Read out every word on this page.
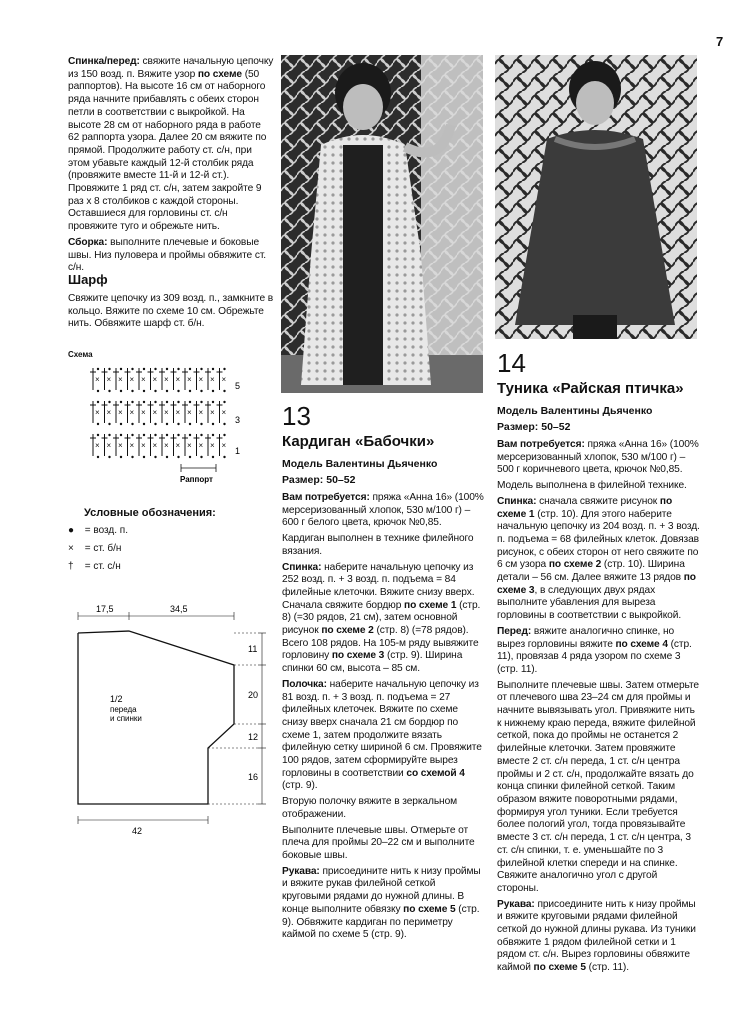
7

Спинка/перед: свяжите начальную цепочку из 150 возд. п. Вяжите узор по схеме (50 раппортов). На высоте 16 см от наборного ряда начните прибавлять с обеих сторон петли в соответствии с выкройкой. На высоте 28 см от наборного ряда в работе 62 раппорта узора. Далее 20 см вяжите по прямой. Продолжите работу ст. с/н, при этом убавьте каждый 12-й столбик ряда (провяжите вместе 11-й и 12-й ст.). Провяжите 1 ряд ст. с/н, затем закройте 9 раз x 8 столбиков с каждой стороны. Оставшиеся для горловины ст. с/н провяжите туго и обрежьте нить.

Сборка: выполните плечевые и боковые швы. Низ пуловера и проймы обвяжите ст. с/н.

Шарф
Свяжите цепочку из 309 возд. п., замкните в кольцо. Вяжите по схеме 10 см. Обрежьте нить. Обвяжите шарф ст. б/н.
Схема
× × × × × × × × × × × ×
× × × × × × × × × × × ×
× × × × × × × × × × × ×
5
3
1
Раппорт
Условные обозначения:
● = возд. п.
× = ст. б/н
† = ст. с/н
17,5	34,5
11
20
12
16
42
1/2
переда
и спинки
13
Кардиган «Бабочки»
Модель Валентины Дьяченко
Размер: 50–52

Вам потребуется: пряжа «Анна 16» (100% мерсеризованный хлопок, 530 м/100 г) – 600 г белого цвета, крючок №0,85.

Кардиган выполнен в технике филейного вязания.

Спинка: наберите начальную цепочку из 252 возд. п. + 3 возд. п. подъема = 84 филейные клеточки. Вяжите снизу вверх. Сначала свяжите бордюр по схеме 1 (стр. 8) (=30 рядов, 21 см), затем основной рисунок по схеме 2 (стр. 8) (=78 рядов). Всего 108 рядов. На 105-м ряду вывяжите горловину по схеме 3 (стр. 9). Ширина спинки 60 см, высота – 85 см.

Полочка: наберите начальную цепочку из 81 возд. п. + 3 возд. п. подъема = 27 филейных клеточек. Вяжите по схеме снизу вверх сначала 21 см бордюр по схеме 1, затем продолжите вязать филейную сетку шириной 6 см. Провяжите 100 рядов, затем сформируйте вырез горловины в соответствии со схемой 4 (стр. 9).

Вторую полочку вяжите в зеркальном отображении.

Выполните плечевые швы. Отмерьте от плеча для проймы 20–22 см и выполните боковые швы.

Рукава: присоедините нить к низу проймы и вяжите рукав филейной сеткой круговыми рядами до нужной длины. В конце выполните обвязку по схеме 5 (стр. 9). Обвяжите кардиган по периметру каймой по схеме 5 (стр. 9).

14
Туника «Райская птичка»
Модель Валентины Дьяченко
Размер: 50–52

Вам потребуется: пряжа «Анна 16» (100% мерсеризованный хлопок, 530 м/100 г) – 500 г коричневого цвета, крючок №0,85.

Модель выполнена в филейной технике.

Спинка: сначала свяжите рисунок по схеме 1 (стр. 10). Для этого наберите начальную цепочку из 204 возд. п. + 3 возд. п. подъема = 68 филейных клеток. Довязав рисунок, с обеих сторон от него свяжите по 6 см узора по схеме 2 (стр. 10). Ширина детали – 56 см. Далее вяжите 13 рядов по схеме 3, в следующих двух рядах выполните убавления для выреза горловины в соответствии с выкройкой.

Перед: вяжите аналогично спинке, но вырез горловины вяжите по схеме 4 (стр. 11), провязав 4 ряда узором по схеме 3 (стр. 11).

Выполните плечевые швы. Затем отмерьте от плечевого шва 23–24 см для проймы и начните вывязывать угол. Привяжите нить к нижнему краю переда, вяжите филейной сеткой, пока до проймы не останется 2 филейные клеточки. Затем провяжите вместе 2 ст. с/н переда, 1 ст. с/н центра проймы и 2 ст. с/н, продолжайте вязать до конца спинки филейной сеткой. Таким образом вяжите поворотными рядами, формируя угол туники. Если требуется более пологий угол, тогда провязывайте вместе 3 ст. с/н переда, 1 ст. с/н центра, 3 ст. с/н спинки, т. е. уменьшайте по 3 филейной клетки спереди и на спинке. Свяжите аналогично угол с другой стороны.

Рукава: присоедините нить к низу проймы и вяжите круговыми рядами филейной сеткой до нужной длины рукава. Из туники обвяжите 1 рядом филейной сетки и 1 рядом ст. с/н. Вырез горловины обвяжите каймой по схеме 5 (стр. 11).
